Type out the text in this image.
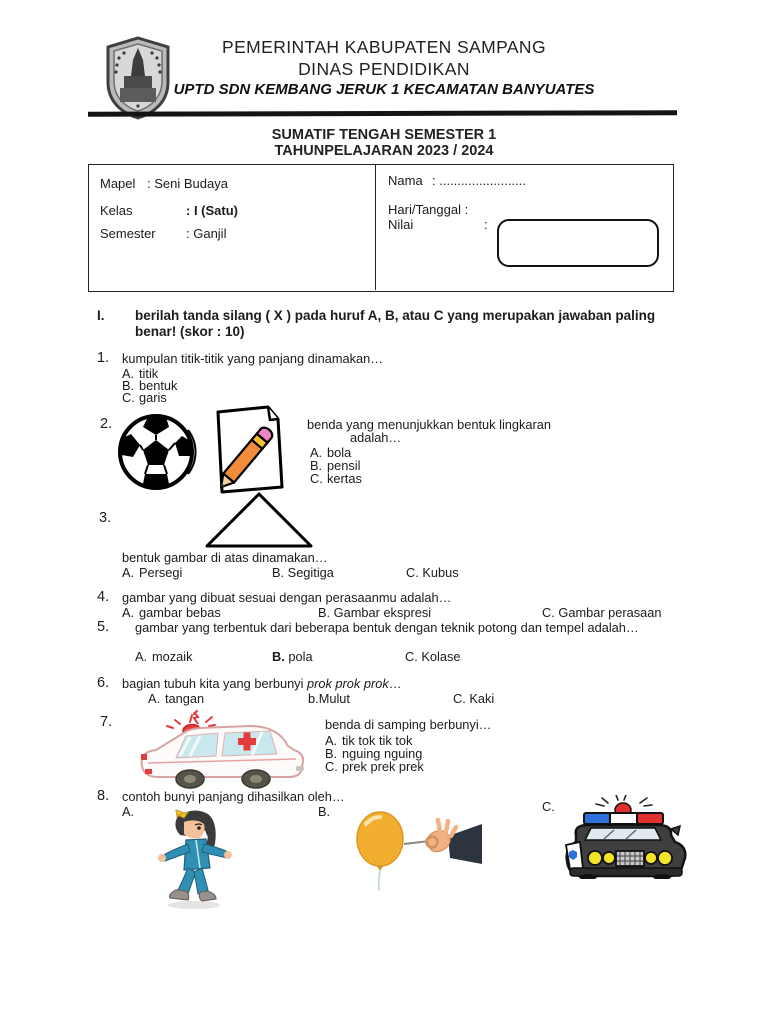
PEMERINTAH KABUPATEN SAMPANG
DINAS PENDIDIKAN
UPTD SDN KEMBANG JERUK 1 KECAMATAN BANYUATES
SUMATIF TENGAH SEMESTER 1
TAHUNPELAJARAN 2023 / 2024
Mapel : Seni Budaya
Kelas	: I (Satu)
Semester : Ganjil
Nama : ........................
Hari/Tanggal :
Nilai	:
I. berilah tanda silang ( X ) pada huruf A, B, atau C yang merupakan jawaban paling benar! (skor : 10)
1. kumpulan titik-titik yang panjang dinamakan…
A. titik
B. bentuk
C. garis
2.	benda yang menunjukkan bentuk lingkaran
adalah…
A. bola
B. pensil
C. kertas
3.
bentuk gambar di atas dinamakan…
A. Persegi	B. Segitiga	C. Kubus
4. gambar yang dibuat sesuai dengan perasaanmu adalah…
A. gambar bebas	B. Gambar ekspresi	C. Gambar perasaan
5. gambar yang terbentuk dari beberapa bentuk dengan teknik potong dan tempel adalah…
A. mozaik	B. pola	C. Kolase
6. bagian tubuh kita yang berbunyi prok prok prok…
A. tangan	b.Mulut	C. Kaki
7.	benda di samping berbunyi…
A. tik tok tik tok
B. nguing nguing
C. prek prek prek
8. contoh bunyi panjang dihasilkan oleh…
A.	B.	C.
